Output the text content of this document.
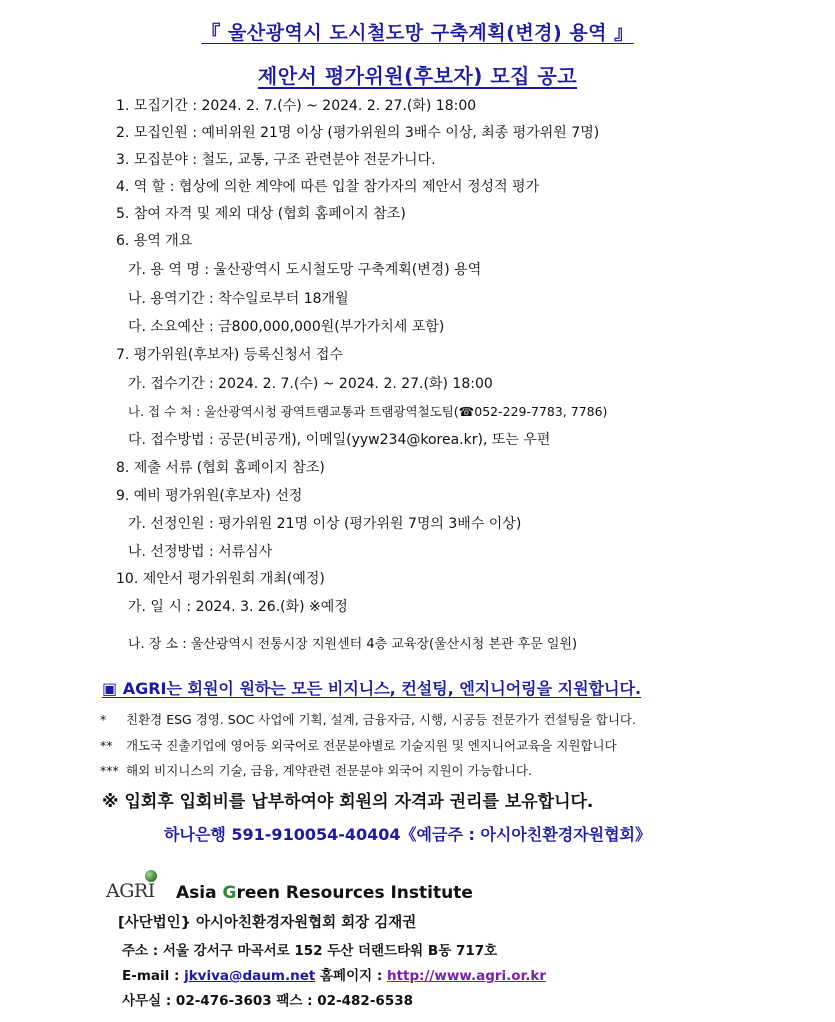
『 울산광역시 도시철도망 구축계획(변경) 용역 』
제안서 평가위원(후보자) 모집 공고
1. 모집기간 : 2024. 2. 7.(수) ~ 2024. 2. 27.(화) 18:00
2. 모집인원 : 예비위원 21명 이상 (평가위원의 3배수 이상, 최종 평가위원 7명)
3. 모집분야 : 철도, 교통, 구조 관련분야 전문가니다.
4. 역 할 : 협상에 의한 계약에 따른 입찰 참가자의 제안서 정성적 평가
5. 참여 자격 및 제외 대상 (협회 홈페이지 참조)
6. 용역 개요
가. 용 역 명 : 울산광역시 도시철도망 구축계획(변경) 용역
나. 용역기간 : 착수일로부터 18개월
다. 소요예산 : 금800,000,000원(부가가치세 포함)
7. 평가위원(후보자) 등록신청서 접수
가. 접수기간 : 2024. 2. 7.(수) ~ 2024. 2. 27.(화) 18:00
나. 접 수 처 : 울산광역시청 광역트램교통과 트램광역철도팀(☎052-229-7783, 7786)
다. 접수방법 : 공문(비공개), 이메일(yyw234@korea.kr), 또는 우편
8. 제출 서류 (협회 홈페이지 참조)
9. 예비 평가위원(후보자) 선정
가. 선정인원 : 평가위원 21명 이상 (평가위원 7명의 3배수 이상)
나. 선정방법 : 서류심사
10. 제안서 평가위원회 개최(예정)
가. 일 시 : 2024. 3. 26.(화) ※예정
나. 장 소 : 울산광역시 전통시장 지원센터 4층 교육장(울산시청 본관 후문 일원)
▣ AGRI는 회원이 원하는 모든 비지니스, 컨설팅, 엔지니어링을 지원합니다.
* 친환경 ESG 경영. SOC 사업에 기획, 설계, 금융자금, 시행, 시공등 전문가가 컨설팅을 합니다.
** 개도국 진출기업에 영어등 외국어로 전문분야별로 기술지원 및 엔지니어교육을 지원합니다
*** 해외 비지니스의 기술, 금융, 계약관련 전문분야 외국어 지원이 가능합니다.
※ 입회후 입회비를 납부하여야 회원의 자격과 권리를 보유합니다.
하나은행 591-910054-40404《예금주 : 아시아친환경자원협회》
AGRI Asia Green Resources Institute
[사단법인} 아시아친환경자원협회 회장 김재권
주소 : 서울 강서구 마곡서로 152 두산 더랜드타워 B동 717호
E-mail : jkviva@daum.net 홈페이지 : http://www.agri.or.kr
사무실 : 02-476-3603 팩스 : 02-482-6538
